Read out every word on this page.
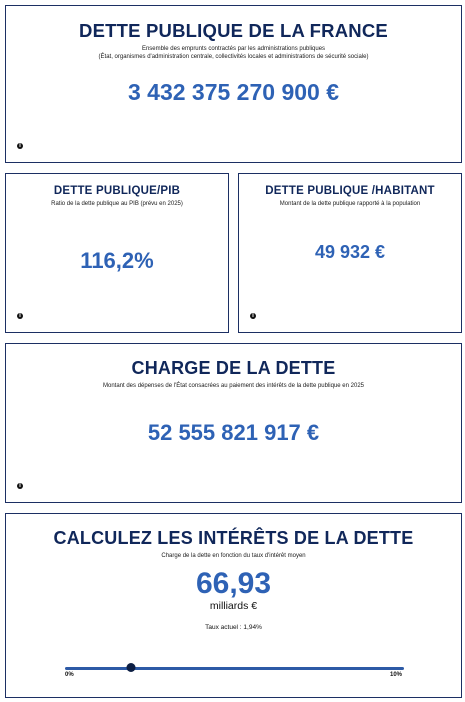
DETTE PUBLIQUE DE LA FRANCE
Ensemble des emprunts contractés par les administrations publiques
(État, organismes d'administration centrale, collectivités locales et administrations de sécurité sociale)
3 432 375 270 900 €
i
DETTE PUBLIQUE/PIB
Ratio de la dette publique au PIB (prévu en 2025)
116,2%
i
DETTE PUBLIQUE /HABITANT
Montant de la dette publique rapporté à la population
49 932 €
i
CHARGE DE LA DETTE
Montant des dépenses de l'État consacrées au paiement des intérêts de la dette publique en 2025
52 555 821 917 €
i
CALCULEZ LES INTÉRÊTS DE LA DETTE
Charge de la dette en fonction du taux d'intérêt moyen
66,93
milliards €
Taux actuel : 1,94%
0%	10%
